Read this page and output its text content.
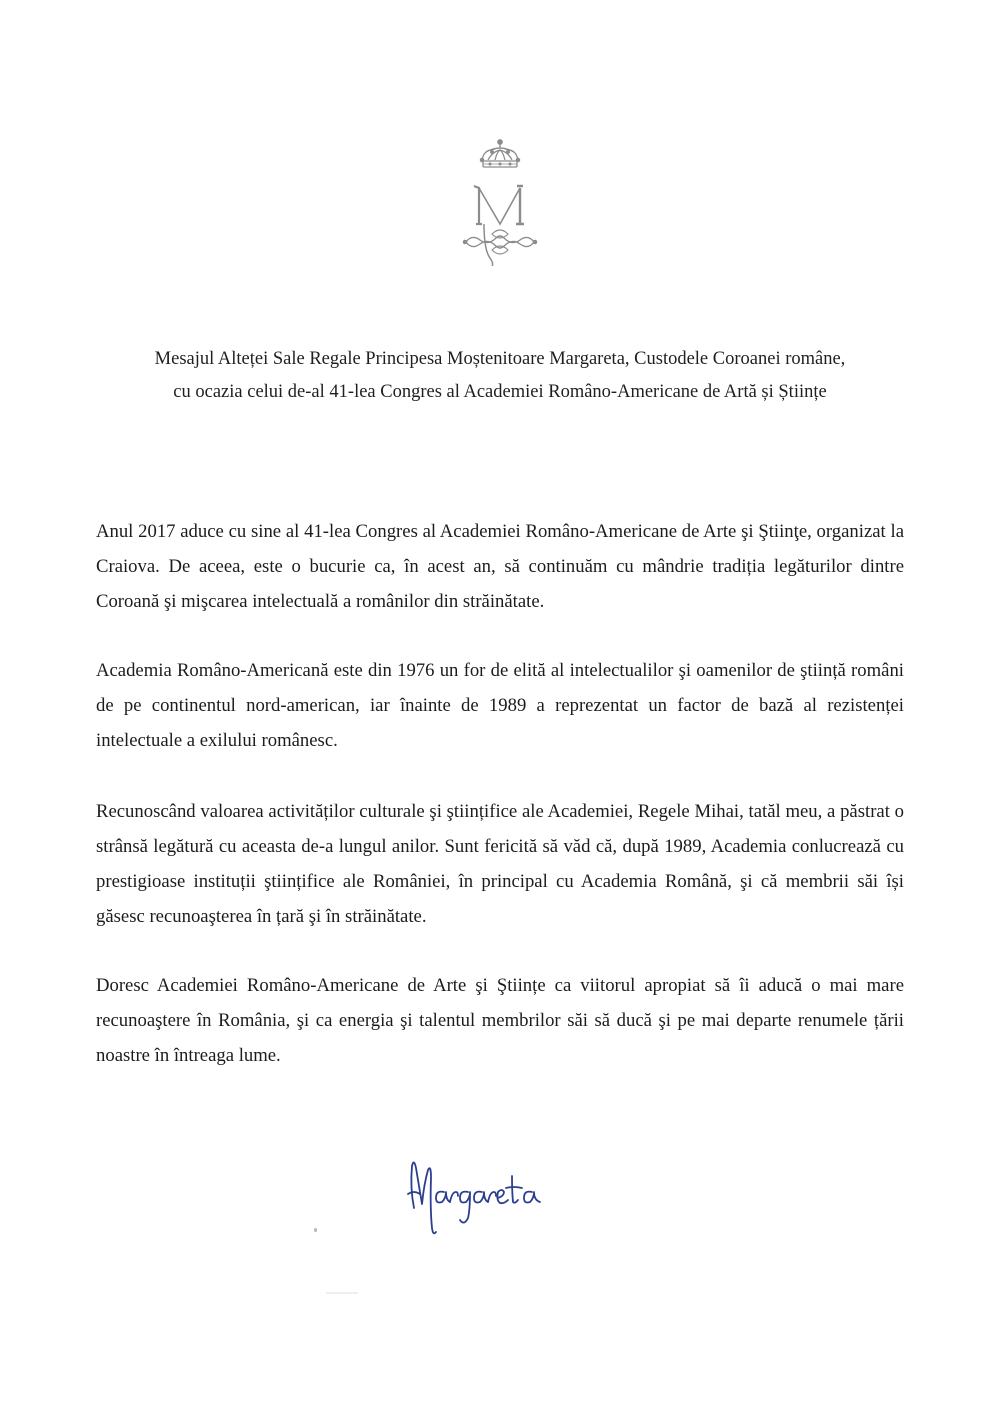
Mesajul Alteței Sale Regale Principesa Moștenitoare Margareta, Custodele Coroanei române,
cu ocazia celui de-al 41-lea Congres al Academiei Româno-Americane de Artă și Științe

Anul 2017 aduce cu sine al 41-lea Congres al Academiei Româno-Americane de Arte şi Ştiinţe, organizat la Craiova. De aceea, este o bucurie ca, în acest an, să continuăm cu mândrie tradiția legăturilor dintre Coroană şi mişcarea intelectuală a românilor din străinătate.

Academia Româno-Americană este din 1976 un for de elită al intelectualilor şi oamenilor de ştiință români de pe continentul nord-american, iar înainte de 1989 a reprezentat un factor de bază al rezistenței intelectuale a exilului românesc.

Recunoscând valoarea activităților culturale şi ştiințifice ale Academiei, Regele Mihai, tatăl meu, a păstrat o strânsă legătură cu aceasta de-a lungul anilor. Sunt fericită să văd că, după 1989, Academia conlucrează cu prestigioase instituții ştiințifice ale României, în principal cu Academia Română, şi că membrii săi își găsesc recunoaşterea în țară şi în străinătate.

Doresc Academiei Româno-Americane de Arte şi Ştiințe ca viitorul apropiat să îi aducă o mai mare recunoaştere în România, şi ca energia şi talentul membrilor săi să ducă şi pe mai departe renumele țării noastre în întreaga lume.
